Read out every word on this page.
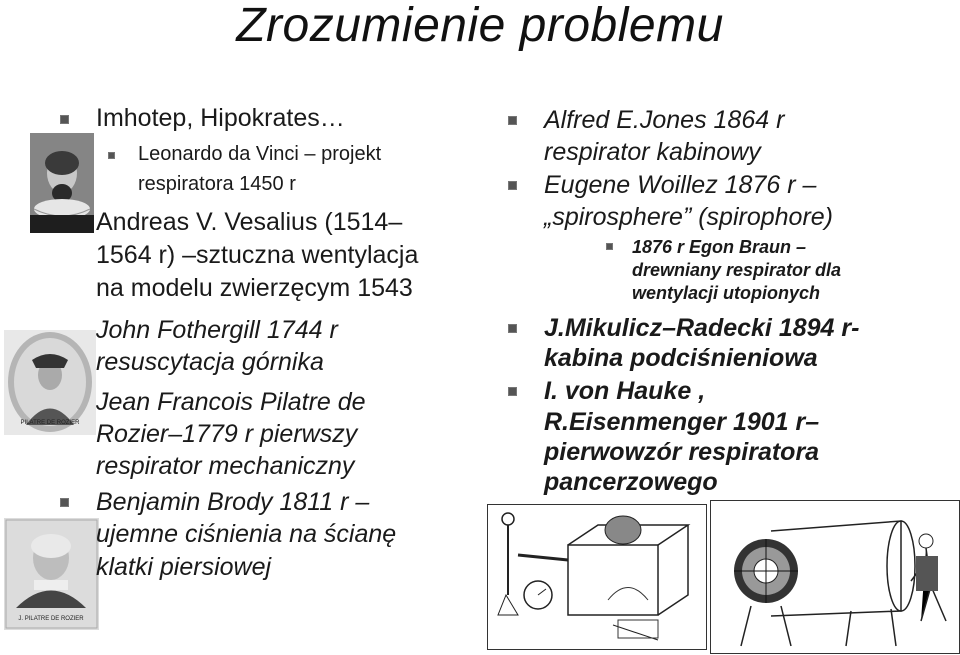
Zrozumienie problemu
PILATRE DE ROZIER
J. PILATRE DE ROZIER
Imhotep, Hipokrates…
Leonardo da Vinci – projekt
respiratora 1450 r
Andreas V. Vesalius (1514–
1564 r) –sztuczna wentylacja
na modelu zwierzęcym 1543
John Fothergill 1744 r
resuscytacja górnika
Jean Francois Pilatre de
Rozier–1779 r pierwszy
respirator mechaniczny
Benjamin Brody 1811 r –
ujemne ciśnienia na ścianę
klatki piersiowej
Alfred E.Jones 1864 r
respirator kabinowy
Eugene Woillez 1876 r –
„spirosphere” (spirophore)
1876 r Egon Braun –
drewniany respirator dla
wentylacji utopionych
J.Mikulicz–Radecki 1894 r-
kabina podciśnieniowa
I. von Hauke ,
R.Eisenmenger 1901 r–
pierwowzór respiratora
pancerzowego
